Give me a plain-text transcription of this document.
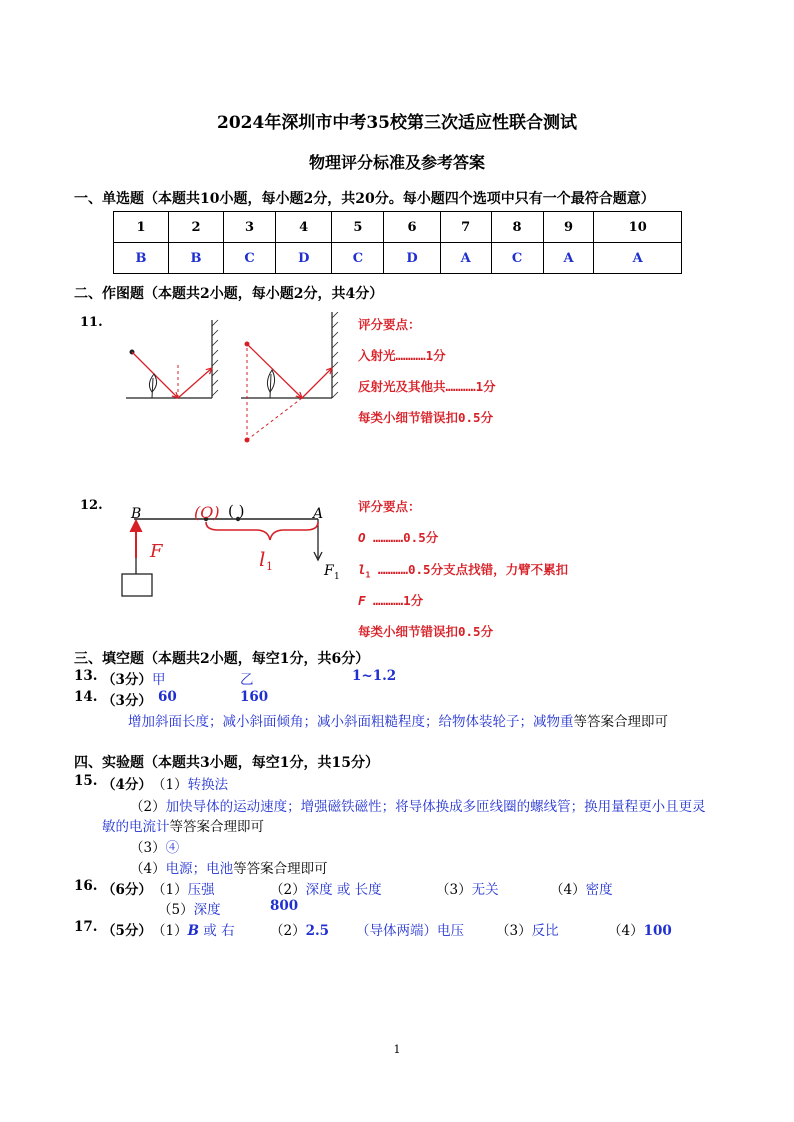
2024年深圳市中考35校第三次适应性联合测试
物理评分标准及参考答案
一、单选题（本题共10小题，每小题2分，共20分。每小题四个选项中只有一个最符合题意）
1	2	3	4	5	6	7	8	9	10
B	B	C	D	C	D	A	C	A	A
二、作图题（本题共2小题，每小题2分，共4分）
11.	评分要点：
入射光…………1分
反射光及其他共…………1分
每类小细节错误扣0.5分
12.
B	(O) ( )	A
F	l 1	F 1
评分要点：
O …………0.5分
$l_1$ …………0.5分支点找错，力臂不累扣
F …………1分
每类小细节错误扣0.5分
三、填空题（本题共2小题，每空1分，共6分）
13. （3分） 甲	乙	1~1.2
14. （3分） 60	160
增加斜面长度；减小斜面倾角；减小斜面粗糙程度；给物体装轮子；减物重等答案合理即可
四、实验题（本题共3小题，每空1分，共15分）
15. （4分） （1）转换法
（2）加快导体的运动速度；增强磁铁磁性；将导体换成多匝线圈的螺线管；换用量程更小且更灵
敏的电流计等答案合理即可
（3）④
（4）电源；电池等答案合理即可
16. （6分） （1）压强	（2）深度 或 长度	（3）无关	（4）密度
（5）深度	800
17. （5分） （1）B 或 右	（2）2.5 （导体两端）电压 （3）反比	（4）100
1
